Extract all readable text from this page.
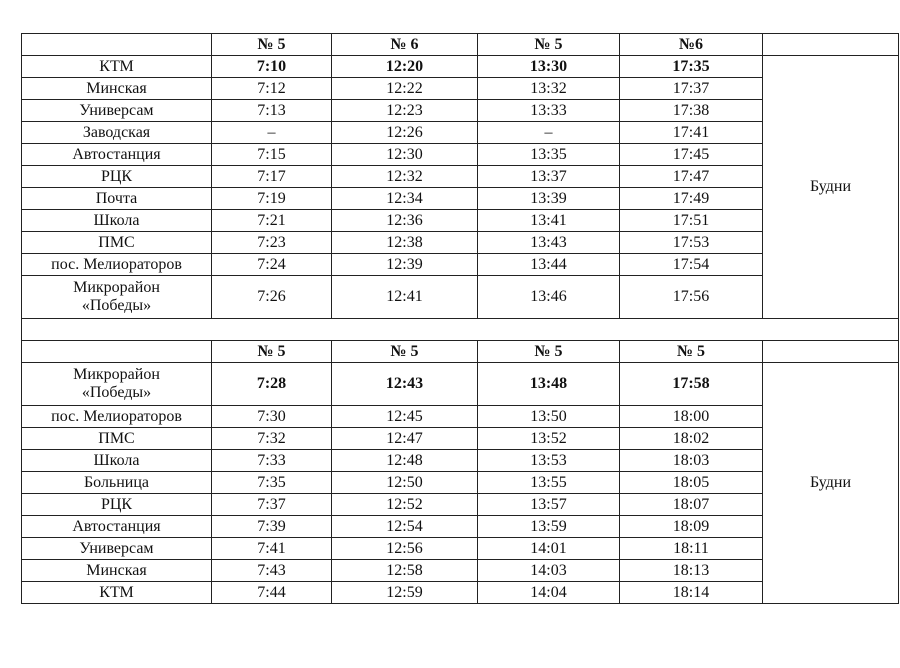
	№ 5	№ 6	№ 5	№6	
КТМ	7:10	12:20	13:30	17:35	Будни
Минская	7:12	12:22	13:32	17:37	
Универсам	7:13	12:23	13:33	17:38	
Заводская	–	12:26	–	17:41	
Автостанция	7:15	12:30	13:35	17:45	
РЦК	7:17	12:32	13:37	17:47	
Почта	7:19	12:34	13:39	17:49	
Школа	7:21	12:36	13:41	17:51	
ПМС	7:23	12:38	13:43	17:53	
пос. Мелиораторов	7:24	12:39	13:44	17:54	
Микрорайон
«Победы»	7:26	12:41	13:46	17:56	

	№ 5	№ 5	№ 5	№ 5	
Микрорайон
«Победы»	7:28	12:43	13:48	17:58	Будни
пос. Мелиораторов	7:30	12:45	13:50	18:00	
ПМС	7:32	12:47	13:52	18:02	
Школа	7:33	12:48	13:53	18:03	
Больница	7:35	12:50	13:55	18:05	
РЦК	7:37	12:52	13:57	18:07	
Автостанция	7:39	12:54	13:59	18:09	
Универсам	7:41	12:56	14:01	18:11	
Минская	7:43	12:58	14:03	18:13	
КТМ	7:44	12:59	14:04	18:14	
